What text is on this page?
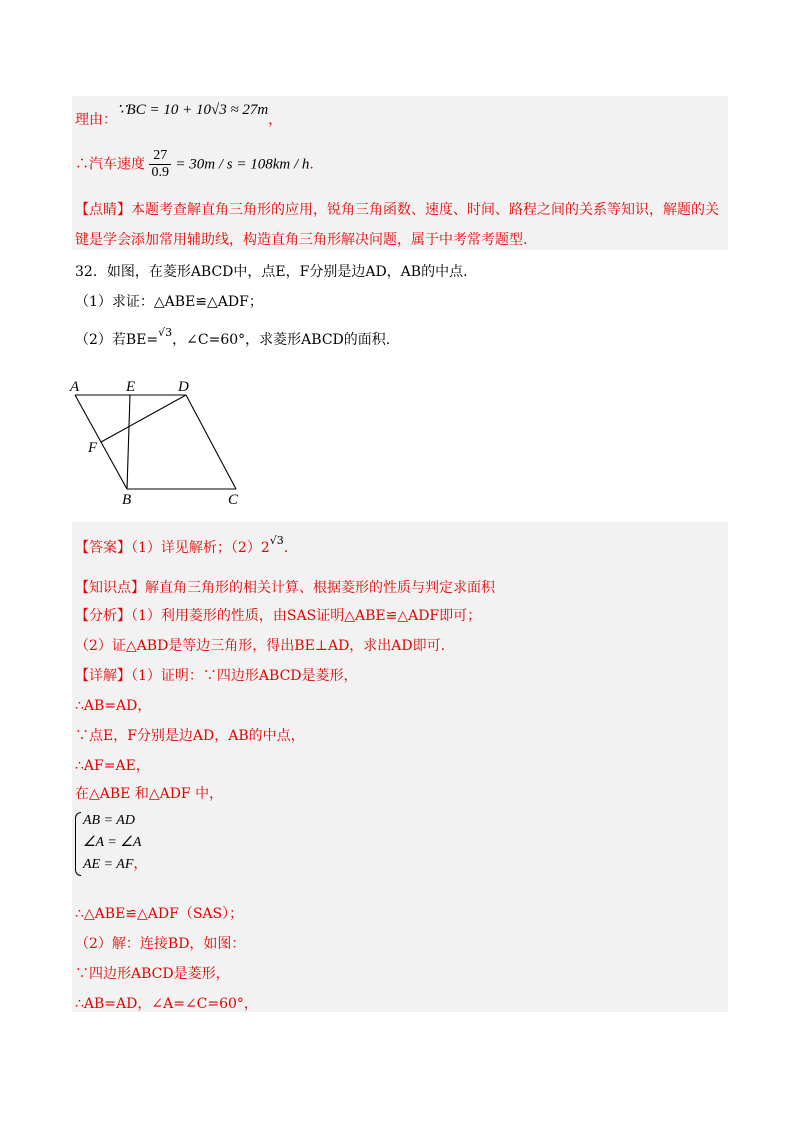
理由：∵BC = 10 + 10√3 ≈ 27m，
∴汽车速度 $\frac{27}{0.9} = 30m / s = 108km / h$.
【点睛】本题考查解直角三角形的应用，锐角三角函数、速度、时间、路程之间的关系等知识，解题的关
键是学会添加常用辅助线，构造直角三角形解决问题，属于中考常考题型.
32．如图，在菱形ABCD中，点E，F分别是边AD，AB的中点.
（1）求证：△ABE≌△ADF；
（2）若BE=$^{√3}$，∠C=60°，求菱形ABCD的面积.
A	E	D
F
B	C
【答案】（1）详见解析；$(2)2^{√3}$.
【知识点】解直角三角形的相关计算、根据菱形的性质与判定求面积
【分析】（1）利用菱形的性质，由SAS证明△ABE≌△ADF即可；
（2）证△ABD是等边三角形，得出BE⊥AD，求出AD即可.
【详解】（1）证明：∵四边形ABCD是菱形，
∴AB=AD，
∵点E，F分别是边AD，AB的中点，
∴AF=AE，
在△ABE 和△ADF 中，
AB = AD
∠A = ∠A
AE = AF，
∴△ABE≌△ADF（SAS）；
（2）解：连接BD，如图：
∵四边形ABCD是菱形，
∴AB=AD，∠A=∠C=60°，
